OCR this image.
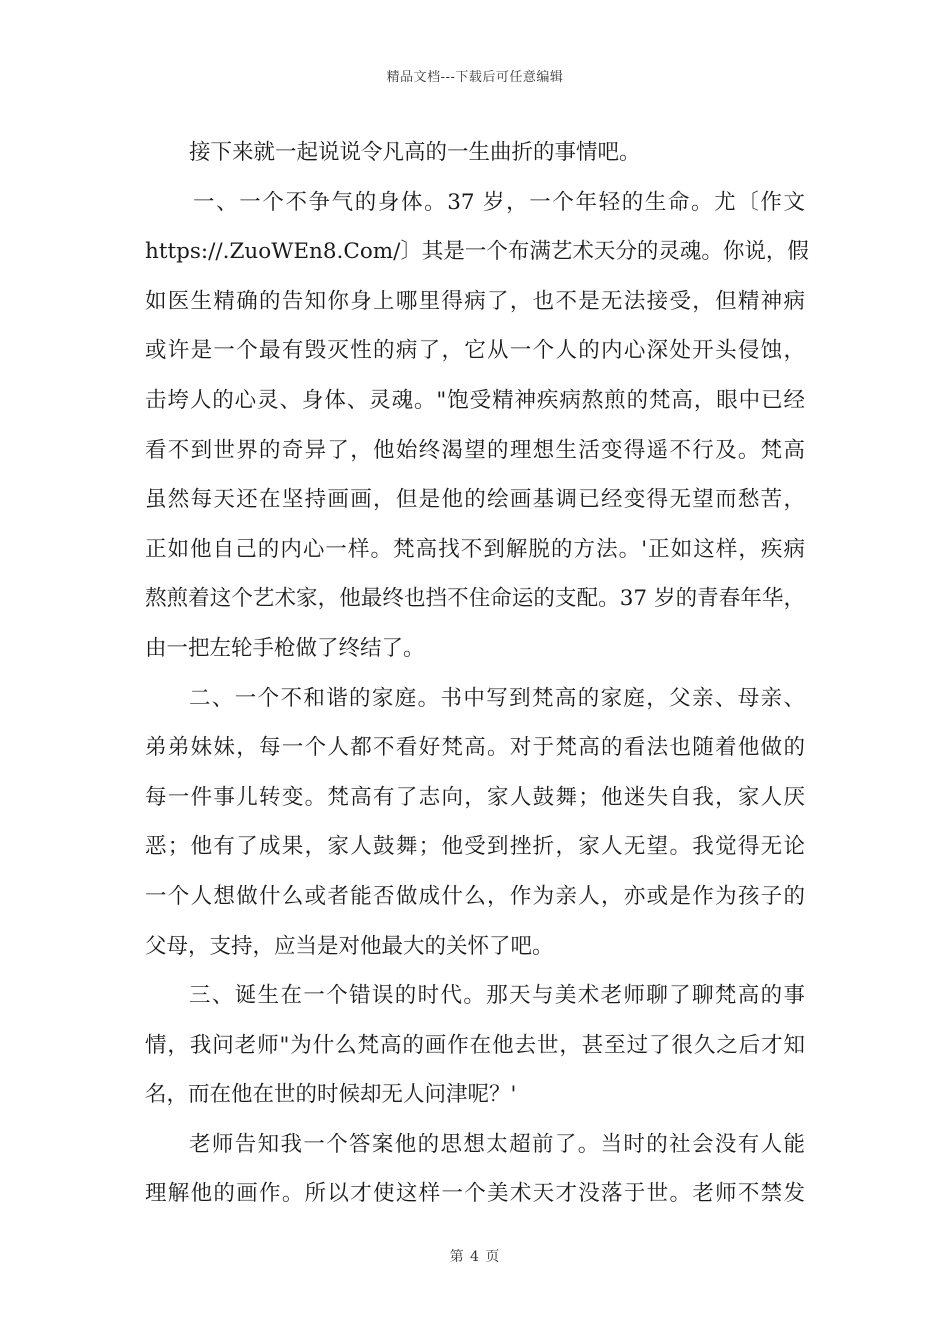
精品文档---下载后可任意编辑
接下来就一起说说令凡高的一生曲折的事情吧。
一、一个不争气的身体。37 岁，一个年轻的生命。尤〔作文
https://.ZuoWEn8.Com/〕其是一个布满艺术天分的灵魂。你说，假
如医生精确的告知你身上哪里得病了，也不是无法接受，但精神病
或许是一个最有毁灭性的病了，它从一个人的内心深处开头侵蚀，
击垮人的心灵、身体、灵魂。"饱受精神疾病熬煎的梵高，眼中已经
看不到世界的奇异了，他始终渴望的理想生活变得遥不行及。梵高
虽然每天还在坚持画画，但是他的绘画基调已经变得无望而愁苦，
正如他自己的内心一样。梵高找不到解脱的方法。'正如这样，疾病
熬煎着这个艺术家，他最终也挡不住命运的支配。37 岁的青春年华，
由一把左轮手枪做了终结了。
二、一个不和谐的家庭。书中写到梵高的家庭，父亲、母亲、
弟弟妹妹，每一个人都不看好梵高。对于梵高的看法也随着他做的
每一件事儿转变。梵高有了志向，家人鼓舞；他迷失自我，家人厌
恶；他有了成果，家人鼓舞；他受到挫折，家人无望。我觉得无论
一个人想做什么或者能否做成什么，作为亲人，亦或是作为孩子的
父母，支持，应当是对他最大的关怀了吧。
三、诞生在一个错误的时代。那天与美术老师聊了聊梵高的事
情，我问老师"为什么梵高的画作在他去世，甚至过了很久之后才知
名，而在他在世的时候却无人问津呢？'
老师告知我一个答案他的思想太超前了。当时的社会没有人能
理解他的画作。所以才使这样一个美术天才没落于世。老师不禁发
第 4 页
